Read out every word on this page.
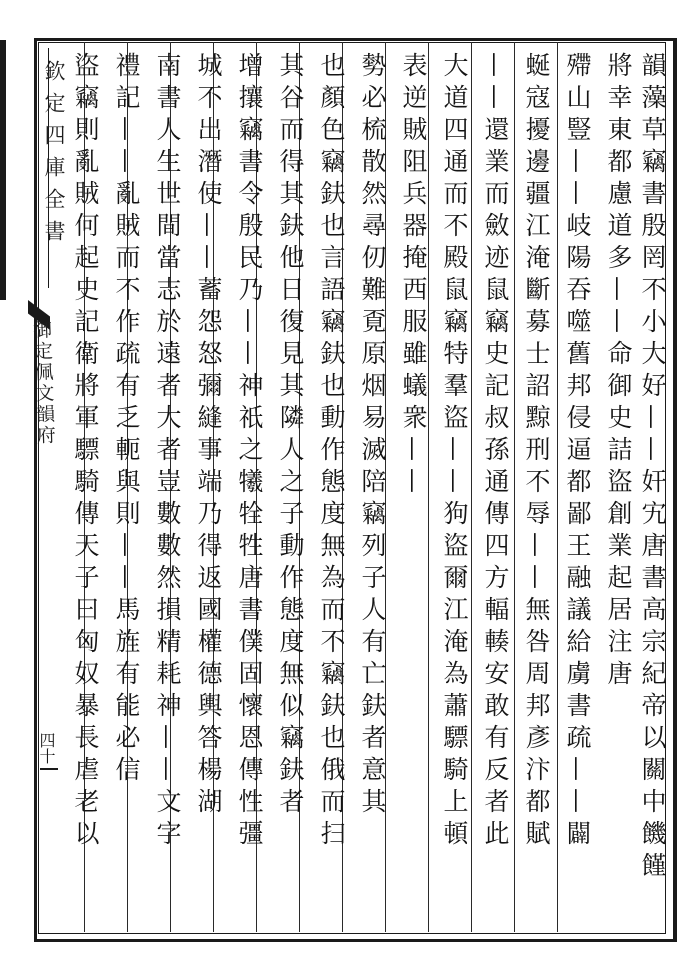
欽定四庫全書
御定佩文韻府
四十	韻藻草竊書殷罔不小大好——奸宄唐書高宗紀帝以關中饑饉將幸東都慮道多——命御史詰盜創業起居注唐
殢山豎——岐陽吞噬舊邦侵逼都鄙王融議給虜書疏——闢
蜒寇擾邊疆江淹斷募士詔黥刑不辱——無咎周邦彥汴都賦
——還業而斂迹鼠竊史記叔孫通傳四方輻輳安敢有反者此
大道四通而不殿鼠竊特羣盜——狗盜爾江淹為蕭驃騎上頓
表逆賊阻兵器掩西服雖蟻衆——
勢必梳散然尋仞難覔原烟易滅陪竊列子人有亡鈇者意其
也顏色竊鈇也言語竊鈇也動作態度無為而不竊鈇也俄而扫
其谷而得其鈇他日復見其隣人之子動作態度無似竊鈇者
增攘竊書令殷民乃——神祇之犧牷牲唐書僕固懷恩傳性彊
城不出潛使——蓄怨怒彌縫事端乃得返國權德輿答楊湖
南書人生世間當志於遠者大者豈數數然損精耗神——文字
禮記——亂賊而不作疏有乏軛與則——馬旌有能必信
盜竊則亂賊何起史記衛將軍驃騎傳天子曰匈奴暴長虐老以
